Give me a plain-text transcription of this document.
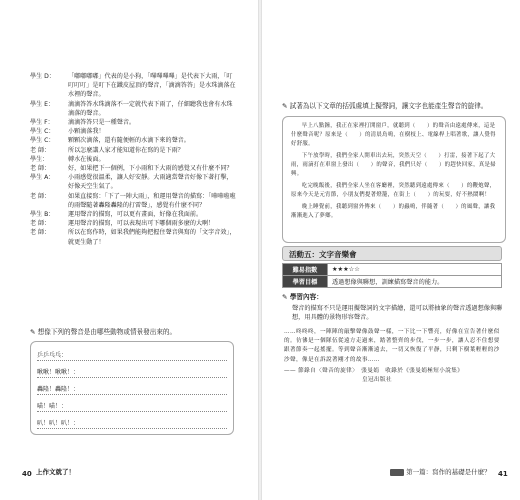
學生 D：	「嘟嘟嘟嘟」代表的是小狗，「嗶嗶嗶嗶」是代表下大雨，「叮叮叮叮」是叮下在鐵皮屋頂的聲音，「滴滴答答」是水珠滴落在水裡的聲音。
學生 E：	滴滴答答水珠滴落不一定就代表下雨了，仔細聽我也會有水珠滴落的聲音。
學生 F：	滴滴答答只是一種聲音。
學生 C：	小顆滴落我！
學生 C：	顆顆次滴落，還有隨便輕的水滴下來的聲音。
老 師：	所以怎麼講人家才能知道你在寫的是下雨？
學生：	轉水在後面。
老 師：	好，如果把下一個例，下小雨和下大雨的感覺又有什麼不同？
學生 A：	小雨感覺很溫柔，讓人好安靜。大雨適當聲音好像下著打擊，好像天空生氣了。
老 師：	如果直接寫：「下了一陣大雨」，和運用聲音的描寫：「嘩嘩啦啦的雨聲隨著轟隆轟隆的打雷聲」，感覺有什麼不同？
學生 B：	運用聲音的描寫，可以更有畫面，好像在我面前。
老 師：	運用聲音的描寫，可以表現出可下哪個雨多麼的大啊！
老 師：	所以在寫作時，如果我們能夠把握住聲音與寫的「文字音效」，就更生動了！
✎ 想像下列的聲音是由哪些動物或情景發出來的。
乒乒乓乓：
啾啾！啾啾！：
轟隆！轟隆！：
喵！喵！：
叭！叭！叭！：
40 上作文就了！
✎ 試著為以下文章的括弧處填上擬聲詞，讓文字也能產生聲音的旋律。
早上八點鐘，我正在家裡打開窗戶，就聽到（　　）的聲音由遠處傳來，這是什麼聲音呢？原來是（　　）的清晨鳥鳴，在樹枝上、電線桿上唱著歌，讓人覺得好舒服。
下午放學時，我們全家人開車出去玩，突然天空（　　）打雷，接著下起了大雨，雨滴打在車窗上發出（　　）的聲音，我們只好（　　）的趕快回家，真是掃興。
吃完晚飯後，我們全家人坐在客廳裡，突然聽到遠處傳來（　　）的鞭炮聲，原來今天是元宵節，小朋友們提著燈籠，在街上（　　）的玩耍，好不熱鬧啊！
晚上睡覺前，我聽到窗外傳來（　　）的蟲鳴，伴隨著（　　）的風聲，讓我漸漸進入了夢鄉。
活動五：文字音樂會
難易指數	★★★☆☆
學習目標	透過想像與聯想，訓練描寫聲音的能力。
✎ 學習內容：
聲音的描寫不只是運用擬聲詞的文字描繪，還可以將抽象的聲音透過想像與聯想，用具體的景物形容聲音。
……咚咚咚，一陣陣的敲擊聲像鼓聲一樣，一下比一下響亮，好像在宣告著什麼似的。彷彿是一個隊伍從遠方走過來，踏著整齊的步伐，一步一步，讓人忍不住想要跟著節奏一起搖擺。等到聲音漸漸遠去，一切又恢復了平靜，只剩下樹葉輕輕的沙沙聲，像是在訴說著剛才的故事……
—— 節錄自〈聲音的旋律〉　張曼娟　收錄於《張曼娟極短小說集》
皇冠出版社
第一篇：寫作的基礎是什麼？ 41
